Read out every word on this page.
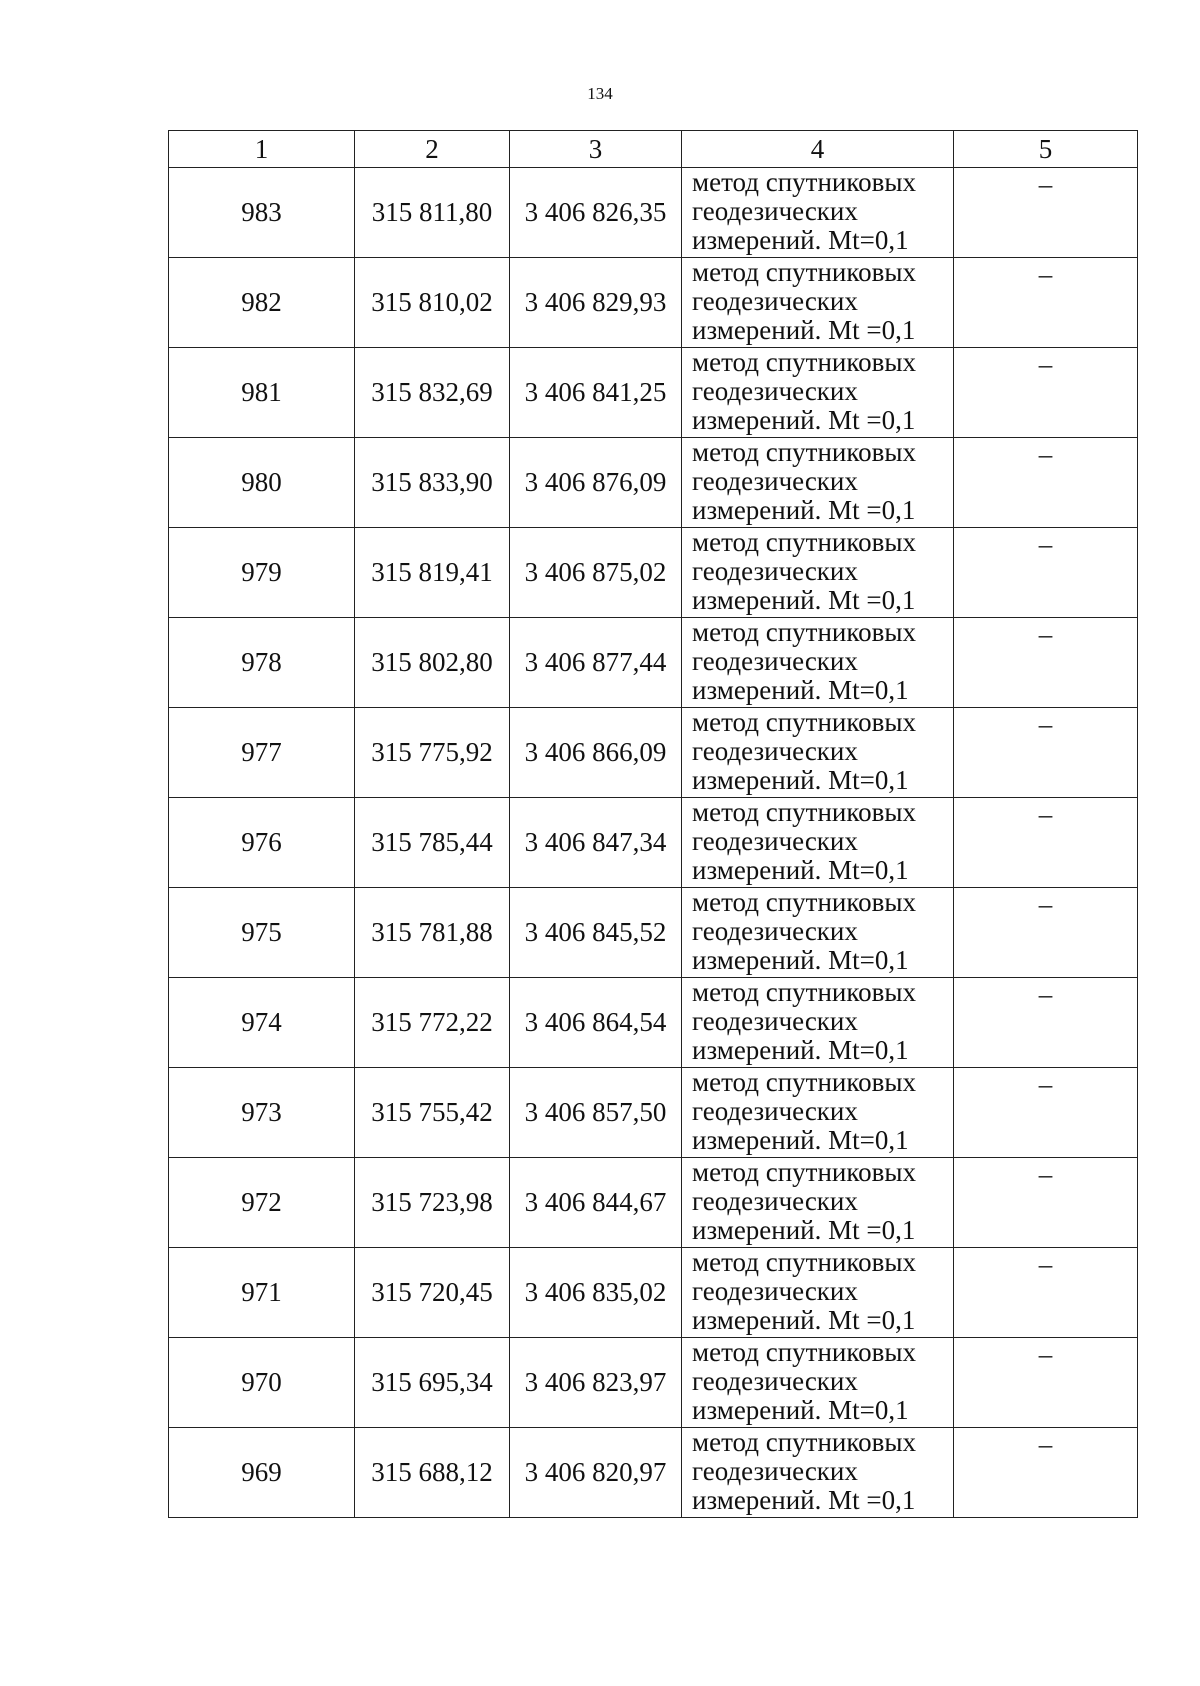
134
1	2	3	4	5
983	315 811,80	3 406 826,35	метод спутниковых
геодезических
измерений. Mt=0,1	–
982	315 810,02	3 406 829,93	метод спутниковых
геодезических
измерений. Mt =0,1	–
981	315 832,69	3 406 841,25	метод спутниковых
геодезических
измерений. Mt =0,1	–
980	315 833,90	3 406 876,09	метод спутниковых
геодезических
измерений. Mt =0,1	–
979	315 819,41	3 406 875,02	метод спутниковых
геодезических
измерений. Mt =0,1	–
978	315 802,80	3 406 877,44	метод спутниковых
геодезических
измерений. Mt=0,1	–
977	315 775,92	3 406 866,09	метод спутниковых
геодезических
измерений. Mt=0,1	–
976	315 785,44	3 406 847,34	метод спутниковых
геодезических
измерений. Mt=0,1	–
975	315 781,88	3 406 845,52	метод спутниковых
геодезических
измерений. Mt=0,1	–
974	315 772,22	3 406 864,54	метод спутниковых
геодезических
измерений. Mt=0,1	–
973	315 755,42	3 406 857,50	метод спутниковых
геодезических
измерений. Mt=0,1	–
972	315 723,98	3 406 844,67	метод спутниковых
геодезических
измерений. Mt =0,1	–
971	315 720,45	3 406 835,02	метод спутниковых
геодезических
измерений. Mt =0,1	–
970	315 695,34	3 406 823,97	метод спутниковых
геодезических
измерений. Mt=0,1	–
969	315 688,12	3 406 820,97	метод спутниковых
геодезических
измерений. Mt =0,1	–
